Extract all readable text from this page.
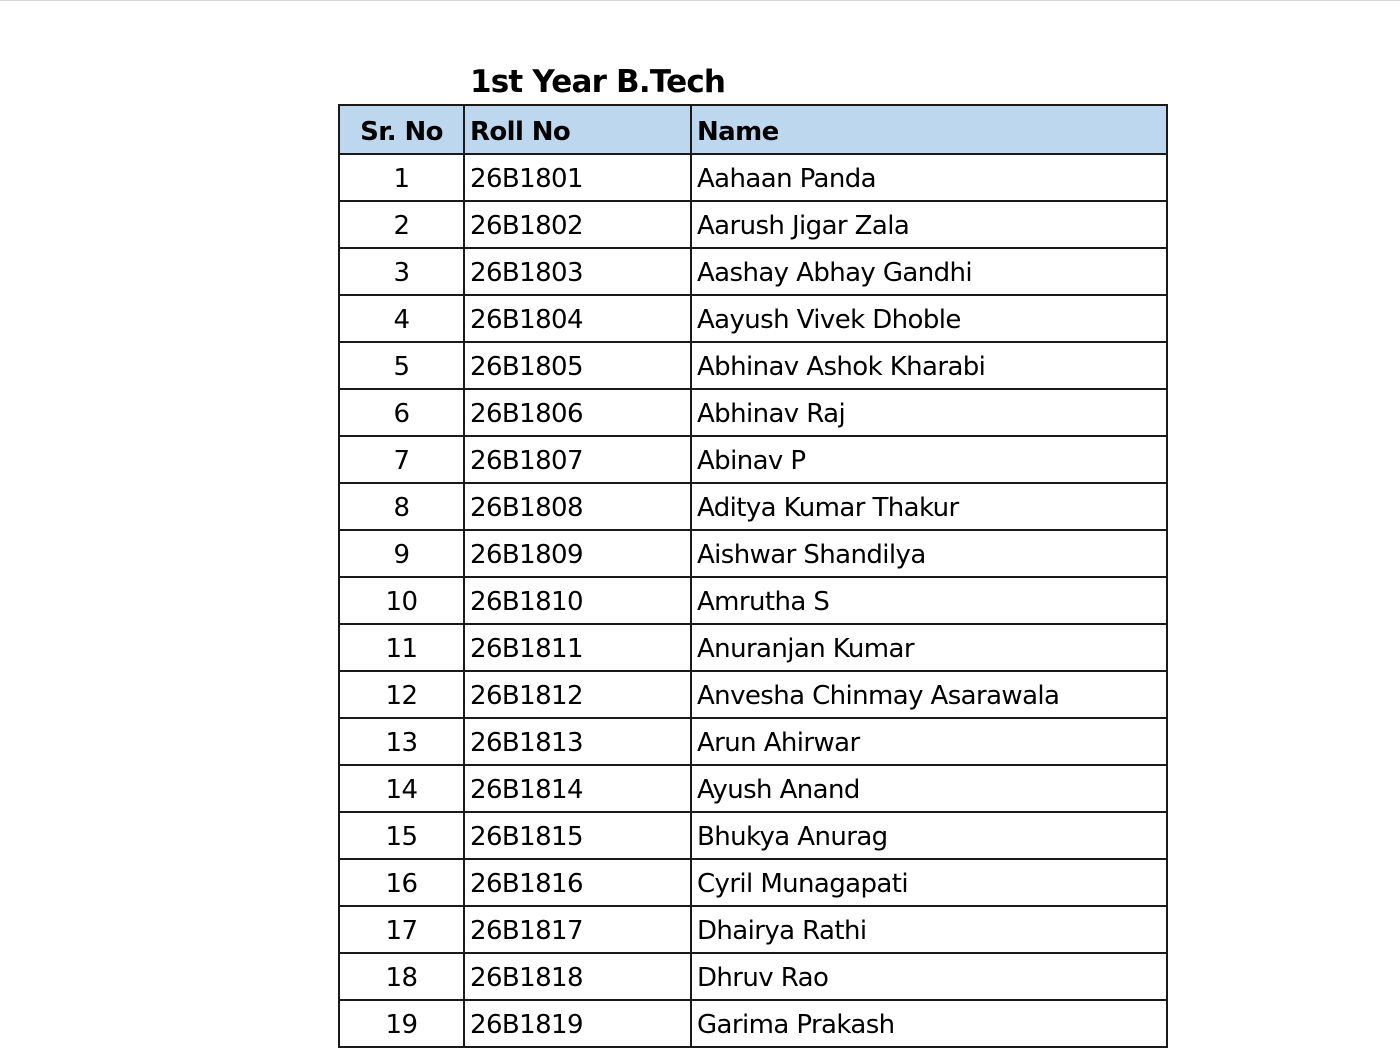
1st Year B.Tech
Sr. No	Roll No	Name
1	26B1801	Aahaan Panda
2	26B1802	Aarush Jigar Zala
3	26B1803	Aashay Abhay Gandhi
4	26B1804	Aayush Vivek Dhoble
5	26B1805	Abhinav Ashok Kharabi
6	26B1806	Abhinav Raj
7	26B1807	Abinav P
8	26B1808	Aditya Kumar Thakur
9	26B1809	Aishwar Shandilya
10	26B1810	Amrutha S
11	26B1811	Anuranjan Kumar
12	26B1812	Anvesha Chinmay Asarawala
13	26B1813	Arun Ahirwar
14	26B1814	Ayush Anand
15	26B1815	Bhukya Anurag
16	26B1816	Cyril Munagapati
17	26B1817	Dhairya Rathi
18	26B1818	Dhruv Rao
19	26B1819	Garima Prakash
